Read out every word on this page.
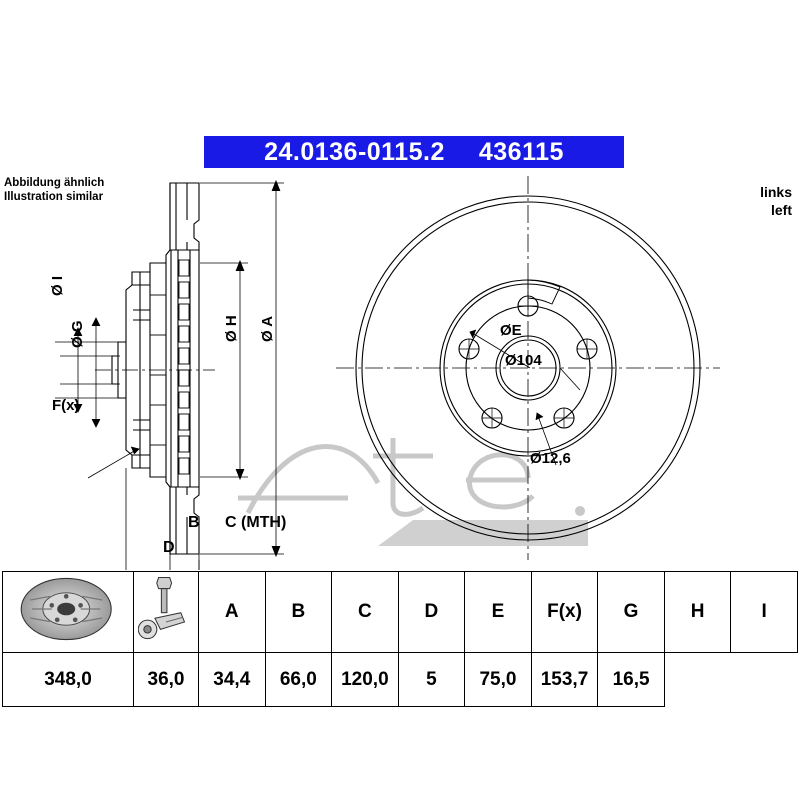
24.0136-0115.2 436115
Abbildung ähnlich
Illustration similar	links
left
Ø I
Ø G	Ø H Ø A
F(x)
ØE
Ø104
Ø12,6
B C (MTH)
D
		A	B	C	D	E	F(x)	G	H	I
348,0	36,0	34,4	66,0	120,0	5	75,0	153,7	16,5		
